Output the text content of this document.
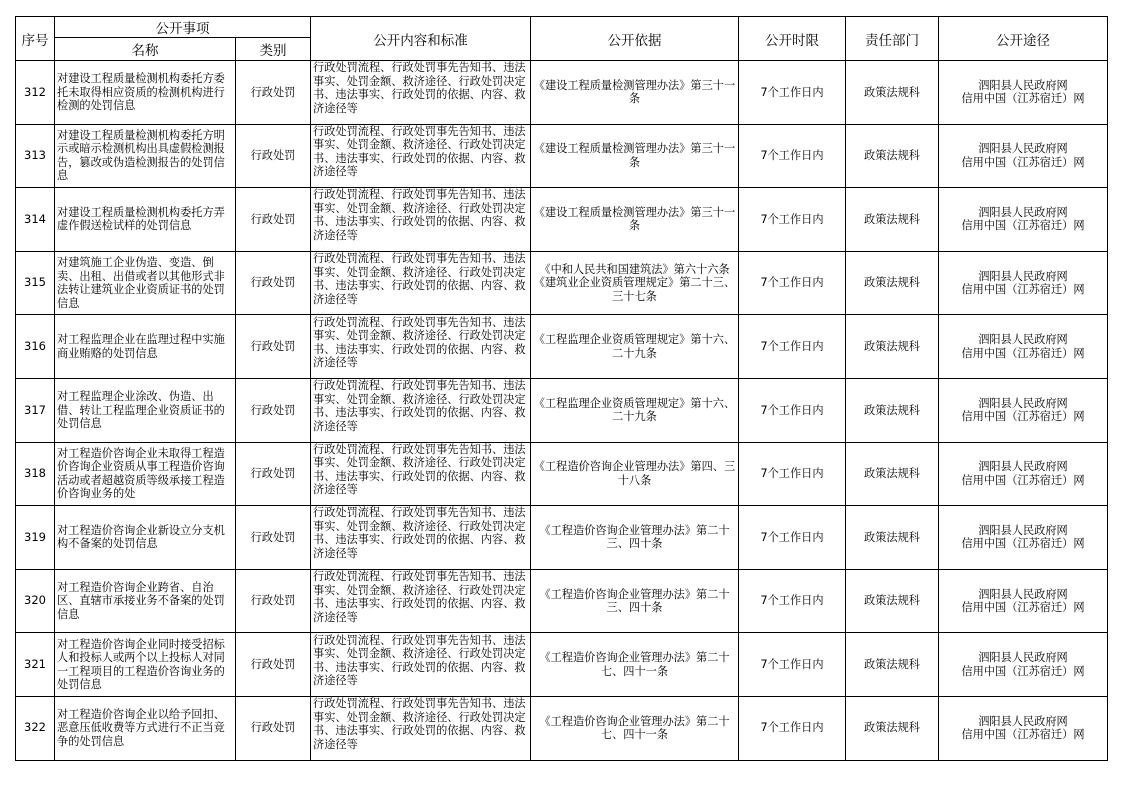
序号	公开事项		公开内容和标准	公开依据	公开时限	责任部门	公开途径
	名称	类别					

312	对建设工程质量检测机构委托方委托未取得相应资质的检测机构进行检测的处罚信息	行政处罚	行政处罚流程、行政处罚事先告知书、违法事实、处罚金额、救济途径、行政处罚决定书、违法事实、行政处罚的依据、内容、救济途径等	《建设工程质量检测管理办法》第三十一条	7个工作日内	政策法规科	泗阳县人民政府网
信用中国（江苏宿迁）网

313	对建设工程质量检测机构委托方明示或暗示检测机构出具虚假检测报告，篡改或伪造检测报告的处罚信息	行政处罚	行政处罚流程、行政处罚事先告知书、违法事实、处罚金额、救济途径、行政处罚决定书、违法事实、行政处罚的依据、内容、救济途径等	《建设工程质量检测管理办法》第三十一条	7个工作日内	政策法规科	泗阳县人民政府网
信用中国（江苏宿迁）网

314	对建设工程质量检测机构委托方弄虚作假送检试样的处罚信息	行政处罚	行政处罚流程、行政处罚事先告知书、违法事实、处罚金额、救济途径、行政处罚决定书、违法事实、行政处罚的依据、内容、救济途径等	《建设工程质量检测管理办法》第三十一条	7个工作日内	政策法规科	泗阳县人民政府网
信用中国（江苏宿迁）网

315	对建筑施工企业伪造、变造、倒卖、出租、出借或者以其他形式非法转让建筑业企业资质证书的处罚信息	行政处罚	行政处罚流程、行政处罚事先告知书、违法事实、处罚金额、救济途径、行政处罚决定书、违法事实、行政处罚的依据、内容、救济途径等	《中和人民共和国建筑法》第六十六条《建筑业企业资质管理规定》第二十三、三十七条	7个工作日内	政策法规科	泗阳县人民政府网
信用中国（江苏宿迁）网

316	对工程监理企业在监理过程中实施商业贿赂的处罚信息	行政处罚	行政处罚流程、行政处罚事先告知书、违法事实、处罚金额、救济途径、行政处罚决定书、违法事实、行政处罚的依据、内容、救济途径等	《工程监理企业资质管理规定》第十六、二十九条	7个工作日内	政策法规科	泗阳县人民政府网
信用中国（江苏宿迁）网

317	对工程监理企业涂改、伪造、出借、转让工程监理企业资质证书的处罚信息	行政处罚	行政处罚流程、行政处罚事先告知书、违法事实、处罚金额、救济途径、行政处罚决定书、违法事实、行政处罚的依据、内容、救济途径等	《工程监理企业资质管理规定》第十六、二十九条	7个工作日内	政策法规科	泗阳县人民政府网
信用中国（江苏宿迁）网

318	对工程造价咨询企业未取得工程造价咨询企业资质从事工程造价咨询活动或者超越资质等级承接工程造价咨询业务的处	行政处罚	行政处罚流程、行政处罚事先告知书、违法事实、处罚金额、救济途径、行政处罚决定书、违法事实、行政处罚的依据、内容、救济途径等	《工程造价咨询企业管理办法》第四、三十八条	7个工作日内	政策法规科	泗阳县人民政府网
信用中国（江苏宿迁）网

319	对工程造价咨询企业新设立分支机构不备案的处罚信息	行政处罚	行政处罚流程、行政处罚事先告知书、违法事实、处罚金额、救济途径、行政处罚决定书、违法事实、行政处罚的依据、内容、救济途径等	《工程造价咨询企业管理办法》第二十三、四十条	7个工作日内	政策法规科	泗阳县人民政府网
信用中国（江苏宿迁）网

320	对工程造价咨询企业跨省、自治区、直辖市承接业务不备案的处罚信息	行政处罚	行政处罚流程、行政处罚事先告知书、违法事实、处罚金额、救济途径、行政处罚决定书、违法事实、行政处罚的依据、内容、救济途径等	《工程造价咨询企业管理办法》第二十三、四十条	7个工作日内	政策法规科	泗阳县人民政府网
信用中国（江苏宿迁）网

321	对工程造价咨询企业同时接受招标人和投标人或两个以上投标人对同一工程项目的工程造价咨询业务的处罚信息	行政处罚	行政处罚流程、行政处罚事先告知书、违法事实、处罚金额、救济途径、行政处罚决定书、违法事实、行政处罚的依据、内容、救济途径等	《工程造价咨询企业管理办法》第二十七、四十一条	7个工作日内	政策法规科	泗阳县人民政府网
信用中国（江苏宿迁）网

322	对工程造价咨询企业以给予回扣、恶意压低收费等方式进行不正当竞争的处罚信息	行政处罚	行政处罚流程、行政处罚事先告知书、违法事实、处罚金额、救济途径、行政处罚决定书、违法事实、行政处罚的依据、内容、救济途径等	《工程造价咨询企业管理办法》第二十七、四十一条	7个工作日内	政策法规科	泗阳县人民政府网
信用中国（江苏宿迁）网
